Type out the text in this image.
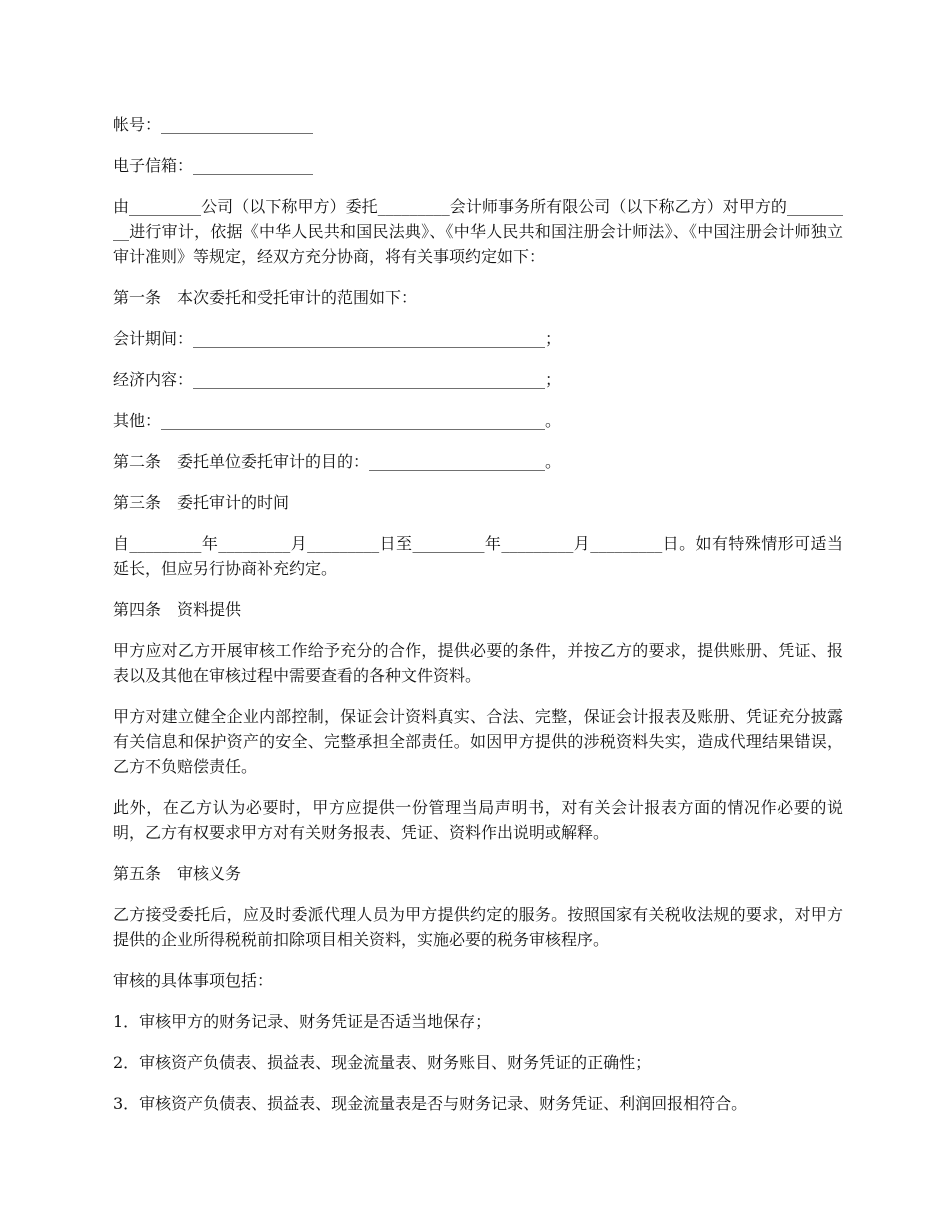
帐号：___________________

电子信箱：_______________

由_________公司（以下称甲方）委托_________会计师事务所有限公司（以下称乙方）对甲方的_________进行审计，依据《中华人民共和国民法典》、《中华人民共和国注册会计师法》、《中国注册会计师独立审计准则》等规定，经双方充分协商，将有关事项约定如下：

第一条　本次委托和受托审计的范围如下：

会计期间：____________________________________________；

经济内容：____________________________________________；

其他：________________________________________________。

第二条　委托单位委托审计的目的：______________________。

第三条　委托审计的时间

自_________年_________月_________日至_________年_________月_________日。如有特殊情形可适当延长，但应另行协商补充约定。

第四条　资料提供

甲方应对乙方开展审核工作给予充分的合作，提供必要的条件，并按乙方的要求，提供账册、凭证、报表以及其他在审核过程中需要查看的各种文件资料。

甲方对建立健全企业内部控制，保证会计资料真实、合法、完整，保证会计报表及账册、凭证充分披露有关信息和保护资产的安全、完整承担全部责任。如因甲方提供的涉税资料失实，造成代理结果错误，乙方不负赔偿责任。

此外，在乙方认为必要时，甲方应提供一份管理当局声明书，对有关会计报表方面的情况作必要的说明，乙方有权要求甲方对有关财务报表、凭证、资料作出说明或解释。

第五条　审核义务

乙方接受委托后，应及时委派代理人员为甲方提供约定的服务。按照国家有关税收法规的要求，对甲方提供的企业所得税税前扣除项目相关资料，实施必要的税务审核程序。

审核的具体事项包括：

1．审核甲方的财务记录、财务凭证是否适当地保存；

2．审核资产负债表、损益表、现金流量表、财务账目、财务凭证的正确性；

3．审核资产负债表、损益表、现金流量表是否与财务记录、财务凭证、利润回报相符合。
